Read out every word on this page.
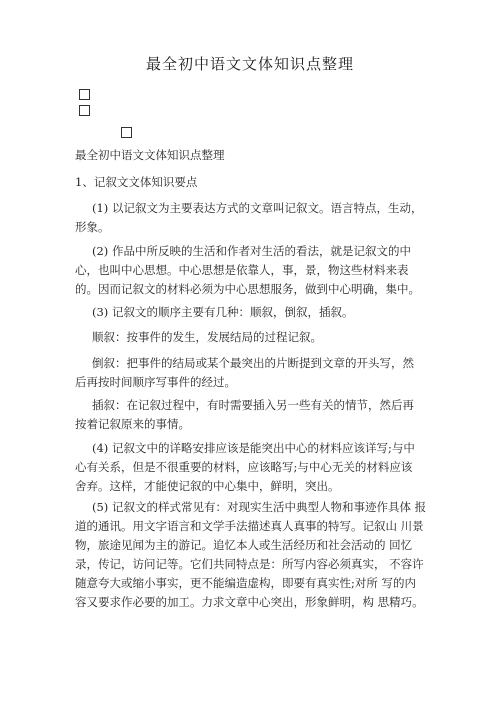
最全初中语文文体知识点整理

最全初中语文文体知识点整理

1、记叙文文体知识要点

(1) 以记叙文为主要表达方式的文章叫记叙文。语言特点，生动，
形象。

(2) 作品中所反映的生活和作者对生活的看法，就是记叙文的中
心，也叫中心思想。中心思想是依靠人，事，景，物这些材料来表
的。因而记叙文的材料必须为中心思想服务，做到中心明确，集中。

(3) 记叙文的顺序主要有几种：顺叙，倒叙，插叙。

顺叙：按事件的发生，发展结局的过程记叙。

倒叙：把事件的结局或某个最突出的片断提到文章的开头写，然
后再按时间顺序写事件的经过。

插叙：在记叙过程中，有时需要插入另一些有关的情节，然后再
按着记叙原来的事情。

(4) 记叙文中的详略安排应该是能突出中心的材料应该详写;与中
心有关系，但是不很重要的材料，应该略写;与中心无关的材料应该
舍弃。这样，才能使记叙的中心集中，鲜明，突出。

(5) 记叙文的样式常见有：对现实生活中典型人物和事迹作具体 报
道的通讯。用文字语言和文学手法描述真人真事的特写。记叙山 川景
物，旅途见闻为主的游记。追忆本人或生活经历和社会活动的 回忆
录，传记，访问记等。它们共同特点是：所写内容必须真实， 不容许
随意夸大或缩小事实，更不能编造虚构，即要有真实性;对所 写的内
容又要求作必要的加工。力求文章中心突出，形象鲜明，构 思精巧。
